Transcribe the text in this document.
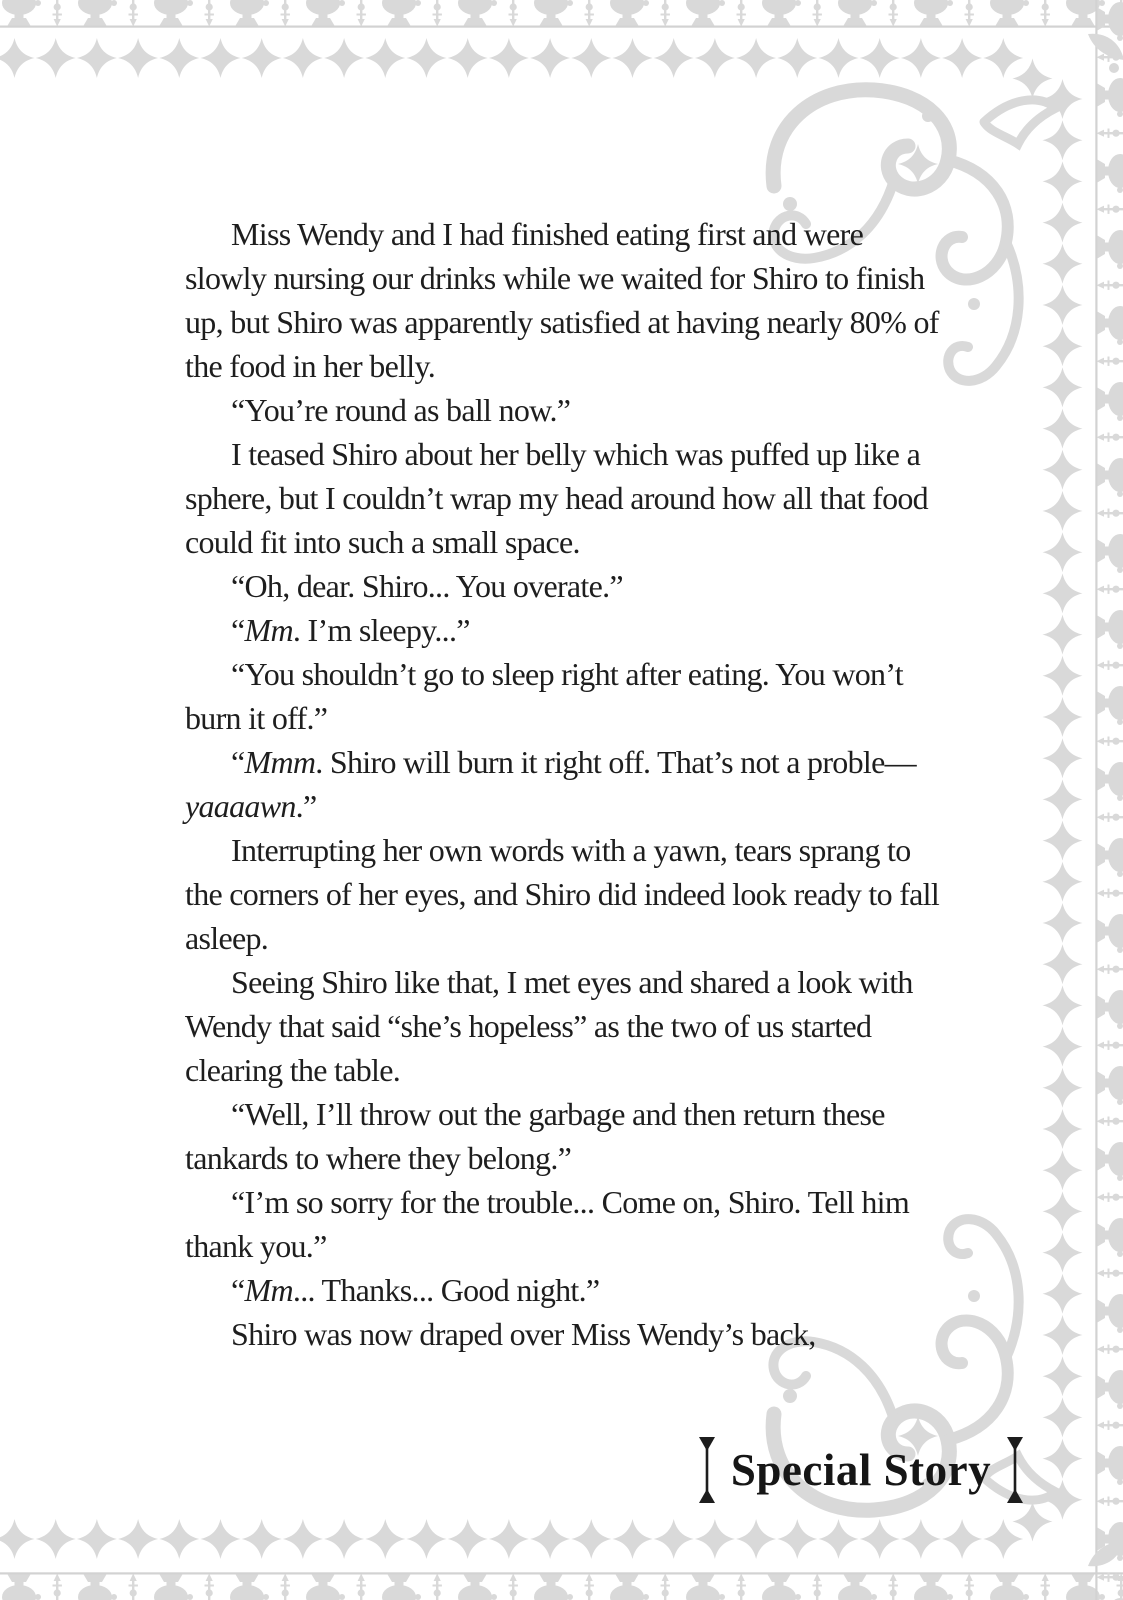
Miss Wendy and I had finished eating first and were slowly nursing our drinks while we waited for Shiro to finish up, but Shiro was apparently satisfied at having nearly 80% of the food in her belly.

“You’re round as ball now.”

I teased Shiro about her belly which was puffed up like a sphere, but I couldn’t wrap my head around how all that food could fit into such a small space.

“Oh, dear. Shiro... You overate.”

“Mm. I’m sleepy...”

“You shouldn’t go to sleep right after eating. You won’t burn it off.”

“Mmm. Shiro will burn it right off. That’s not a proble—yaaaawn.”

Interrupting her own words with a yawn, tears sprang to the corners of her eyes, and Shiro did indeed look ready to fall asleep.

Seeing Shiro like that, I met eyes and shared a look with Wendy that said “she’s hopeless” as the two of us started clearing the table.

“Well, I’ll throw out the garbage and then return these tankards to where they belong.”

“I’m so sorry for the trouble... Come on, Shiro. Tell him thank you.”

“Mm... Thanks... Good night.”

Shiro was now draped over Miss Wendy’s back,

Special Story
